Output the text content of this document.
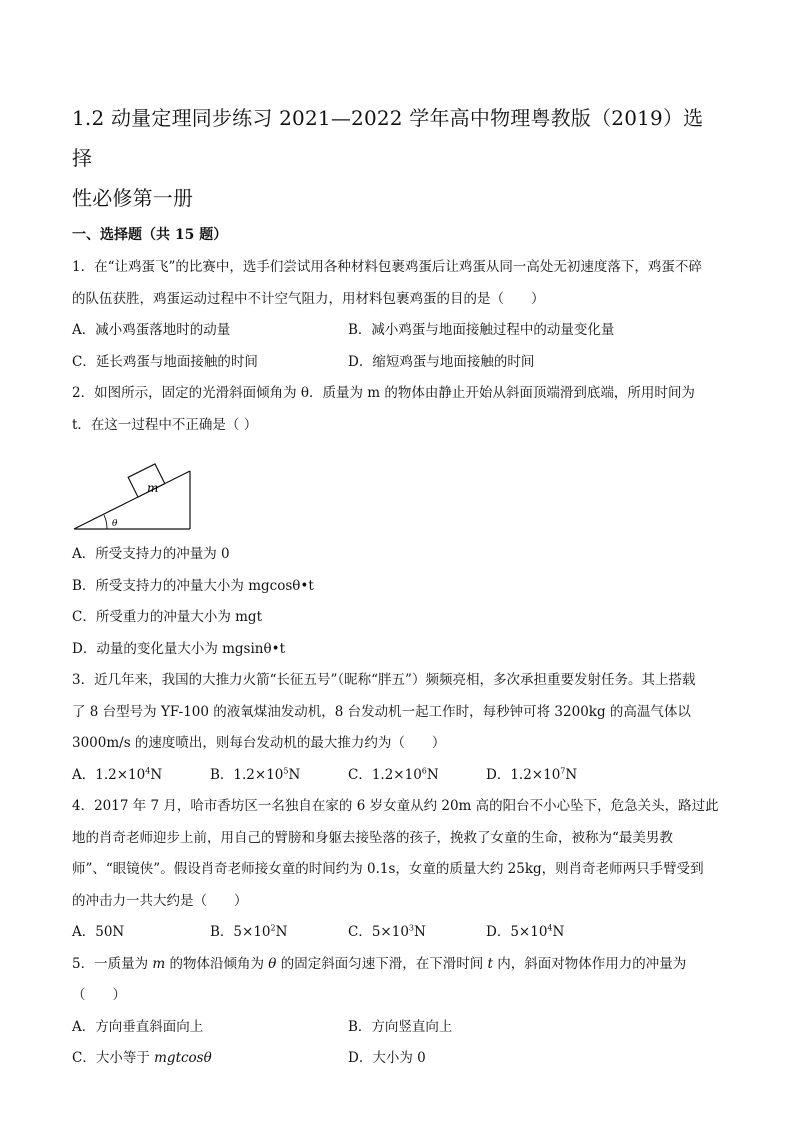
1.2 动量定理同步练习 2021—2022 学年高中物理粤教版（2019）选择
性必修第一册
一、选择题（共 15 题）
1．在“让鸡蛋飞”的比赛中，选手们尝试用各种材料包裹鸡蛋后让鸡蛋从同一高处无初速度落下，鸡蛋不碎
的队伍获胜，鸡蛋运动过程中不计空气阻力，用材料包裹鸡蛋的目的是（　　）
A．减小鸡蛋落地时的动量	B．减小鸡蛋与地面接触过程中的动量变化量
C．延长鸡蛋与地面接触的时间	D．缩短鸡蛋与地面接触的时间
2．如图所示，固定的光滑斜面倾角为 θ．质量为 m 的物体由静止开始从斜面顶端滑到底端，所用时间为
t．在这一过程中不正确是（ ）
m
θ
A．所受支持力的冲量为 0
B．所受支持力的冲量大小为 mgcosθ•t
C．所受重力的冲量大小为 mgt
D．动量的变化量大小为 mgsinθ•t
3．近几年来，我国的大推力火箭“长征五号”（昵称“胖五”）频频亮相，多次承担重要发射任务。其上搭载
了 8 台型号为 YF-100 的液氧煤油发动机，8 台发动机一起工作时，每秒钟可将 3200kg 的高温气体以
3000m/s 的速度喷出，则每台发动机的最大推力约为（　　）
A．$1.2\times 10^4N$	B．$1.2\times 10^5N$	C．$1.2\times 10^6N$	D．$1.2\times 10^7N$
4．2017 年 7 月，哈市香坊区一名独自在家的 6 岁女童从约 20m 高的阳台不小心坠下，危急关头，路过此
地的肖奇老师迎步上前，用自己的臂膀和身躯去接坠落的孩子，挽救了女童的生命，被称为“最美男教
师”、“眼镜侠”。假设肖奇老师接女童的时间约为 0.1s，女童的质量大约 25kg，则肖奇老师两只手臂受到
的冲击力一共大约是（　　）
A．50N	B．$5\times 10^2N$	C．$5\times 10^3N$	D．$5\times 10^4N$
5．一质量为 m 的物体沿倾角为 θ 的固定斜面匀速下滑，在下滑时间 t 内，斜面对物体作用力的冲量为
（　　）
A．方向垂直斜面向上	B．方向竖直向上
C．大小等于 mgtcosθ	D．大小为 0
